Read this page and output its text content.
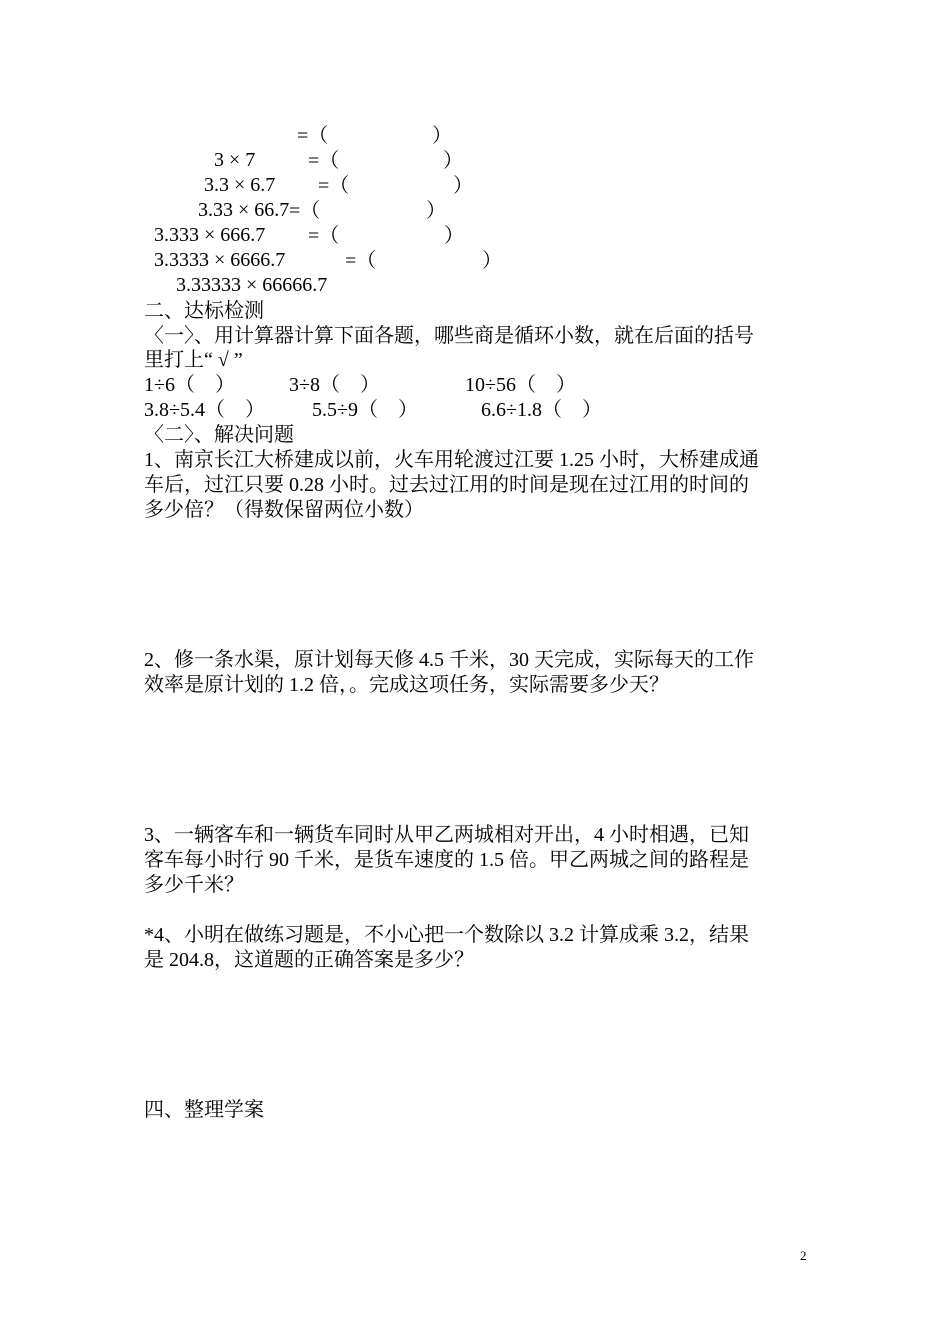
3 × 7

=（	）

3.3 × 6.7

=（	）

3.33 × 66.7

=（	）

3.333 × 666.7

=（	）

3.3333 × 6666.7

=（	）

3.33333 × 66666.7

=（	）
二、达标检测
〈一〉、用计算器计算下面各题，哪些商是循环小数，就在后面的括号
里打上“ √ ”
1÷6（    ）	3÷8（    ）	10÷56（    ）
3.8÷5.4（    ） 5.5÷9（    ）	6.6÷1.8（    ）
〈二〉、解决问题
1、南京长江大桥建成以前，火车用轮渡过江要 1.25 小时，大桥建成通
车后，过江只要 0.28 小时。过去过江用的时间是现在过江用的时间的
多少倍？（得数保留两位小数）
2、修一条水渠，原计划每天修 4.5 千米，30 天完成，实际每天的工作
效率是原计划的 1.2 倍，。完成这项任务，实际需要多少天？
3、一辆客车和一辆货车同时从甲乙两城相对开出，4 小时相遇，已知
客车每小时行 90 千米，是货车速度的 1.5 倍。甲乙两城之间的路程是
多少千米？
*4、小明在做练习题是，不小心把一个数除以 3.2 计算成乘 3.2，结果
是 204.8，这道题的正确答案是多少？
四、整理学案
2
